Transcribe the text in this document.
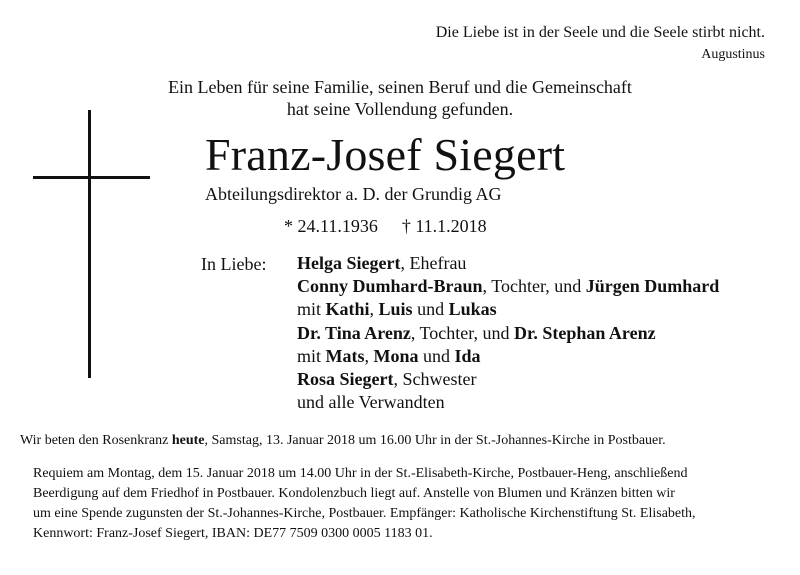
Die Liebe ist in der Seele und die Seele stirbt nicht.
Augustinus
Ein Leben für seine Familie, seinen Beruf und die Gemeinschaft
hat seine Vollendung gefunden.
Franz-Josef Siegert
Abteilungsdirektor a. D. der Grundig AG
* 24.11.1936 † 11.1.2018
In Liebe: Helga Siegert, Ehefrau
Conny Dumhard-Braun, Tochter, und Jürgen Dumhard
mit Kathi, Luis und Lukas
Dr. Tina Arenz, Tochter, und Dr. Stephan Arenz
mit Mats, Mona und Ida
Rosa Siegert, Schwester
und alle Verwandten
Wir beten den Rosenkranz heute, Samstag, 13. Januar 2018 um 16.00 Uhr in der St.-Johannes-Kirche in Postbauer.
Requiem am Montag, dem 15. Januar 2018 um 14.00 Uhr in der St.-Elisabeth-Kirche, Postbauer-Heng, anschließend
Beerdigung auf dem Friedhof in Postbauer. Kondolenzbuch liegt auf. Anstelle von Blumen und Kränzen bitten wir
um eine Spende zugunsten der St.-Johannes-Kirche, Postbauer. Empfänger: Katholische Kirchenstiftung St. Elisabeth,
Kennwort: Franz-Josef Siegert, IBAN: DE77 7509 0300 0005 1183 01.
